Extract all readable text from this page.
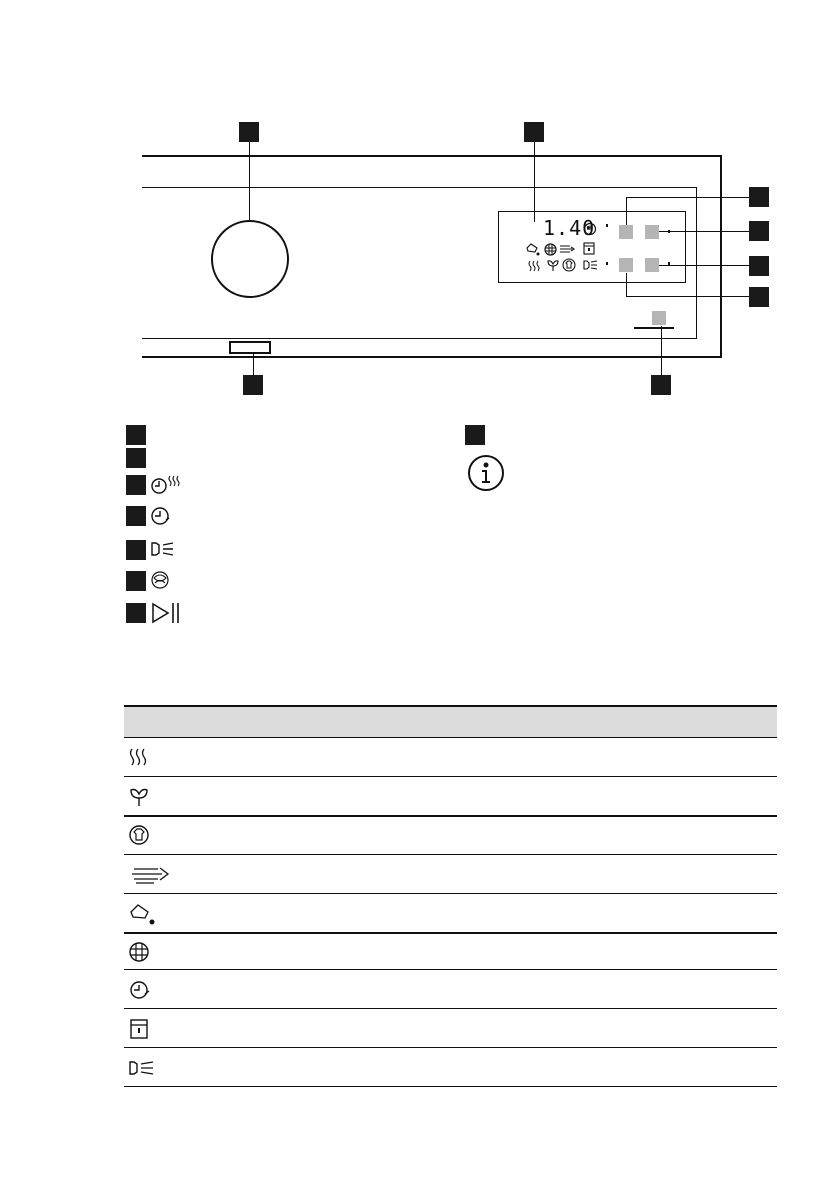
1.40
